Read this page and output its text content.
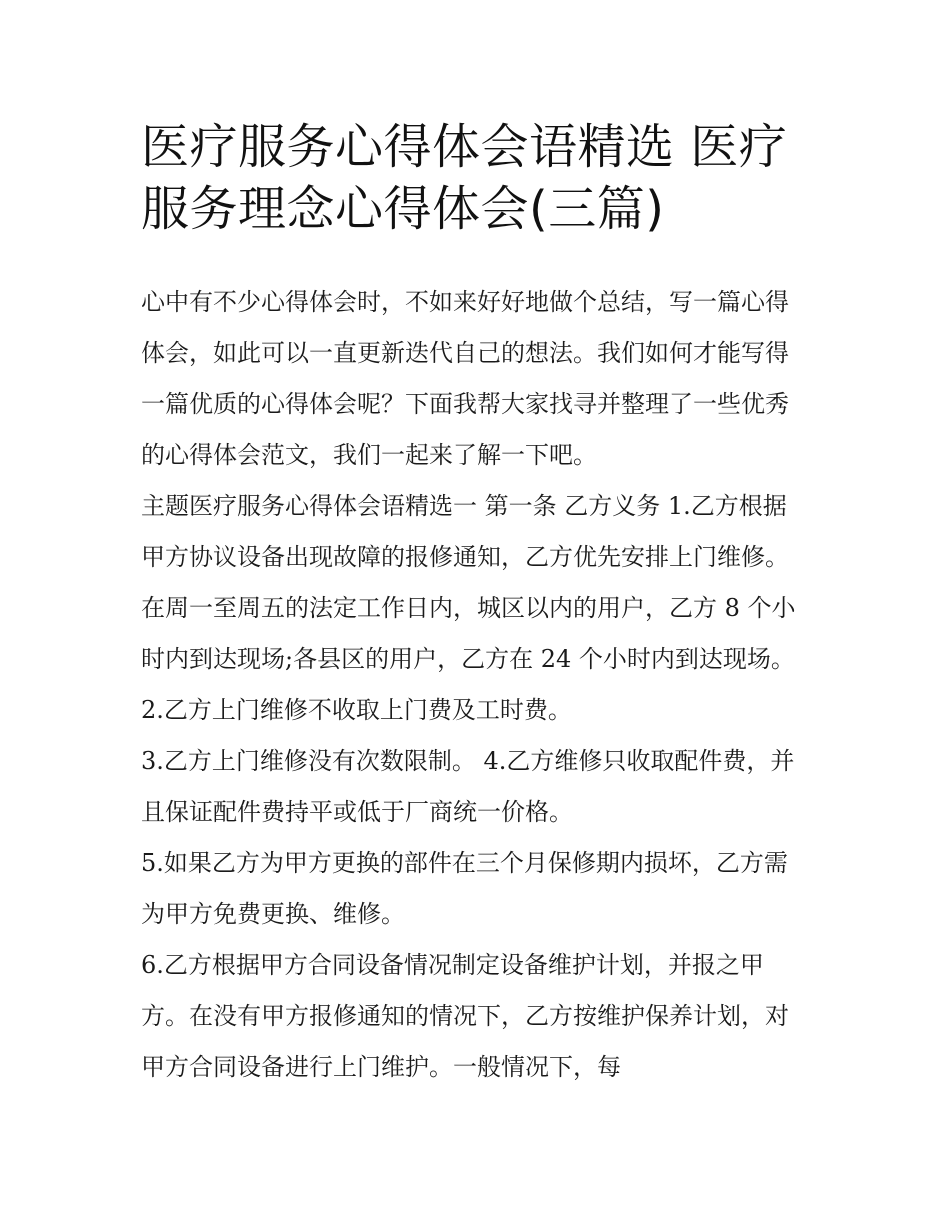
医疗服务心得体会语精选 医疗
服务理念心得体会(三篇)
心中有不少心得体会时，不如来好好地做个总结，写一篇心得
体会，如此可以一直更新迭代自己的想法。我们如何才能写得
一篇优质的心得体会呢？下面我帮大家找寻并整理了一些优秀
的心得体会范文，我们一起来了解一下吧。
主题医疗服务心得体会语精选一 第一条 乙方义务 1.乙方根据
甲方协议设备出现故障的报修通知，乙方优先安排上门维修。
在周一至周五的法定工作日内，城区以内的用户，乙方 8 个小
时内到达现场;各县区的用户，乙方在 24 个小时内到达现场。
2.乙方上门维修不收取上门费及工时费。
3.乙方上门维修没有次数限制。 4.乙方维修只收取配件费，并
且保证配件费持平或低于厂商统一价格。
5.如果乙方为甲方更换的部件在三个月保修期内损坏，乙方需
为甲方免费更换、维修。
6.乙方根据甲方合同设备情况制定设备维护计划，并报之甲
方。在没有甲方报修通知的情况下，乙方按维护保养计划，对
甲方合同设备进行上门维护。一般情况下，每
